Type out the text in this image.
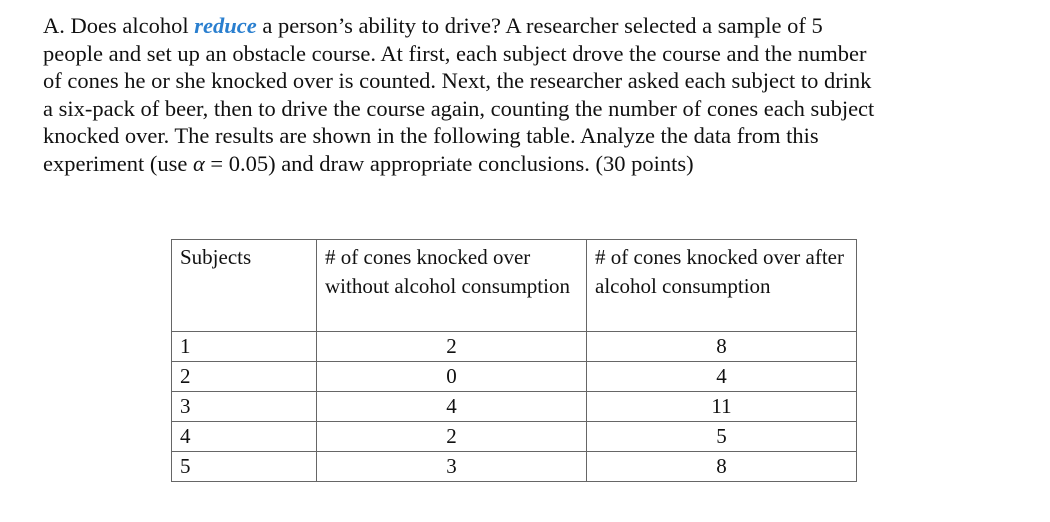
A. Does alcohol reduce a person’s ability to drive? A researcher selected a sample of 5
people and set up an obstacle course. At first, each subject drove the course and the number
of cones he or she knocked over is counted. Next, the researcher asked each subject to drink
a six-pack of beer, then to drive the course again, counting the number of cones each subject
knocked over. The results are shown in the following table. Analyze the data from this
experiment (use α = 0.05) and draw appropriate conclusions. (30 points)
Subjects	# of cones knocked over without alcohol consumption	# of cones knocked over after alcohol consumption
1	2	8
2	0	4
3	4	11
4	2	5
5	3	8
